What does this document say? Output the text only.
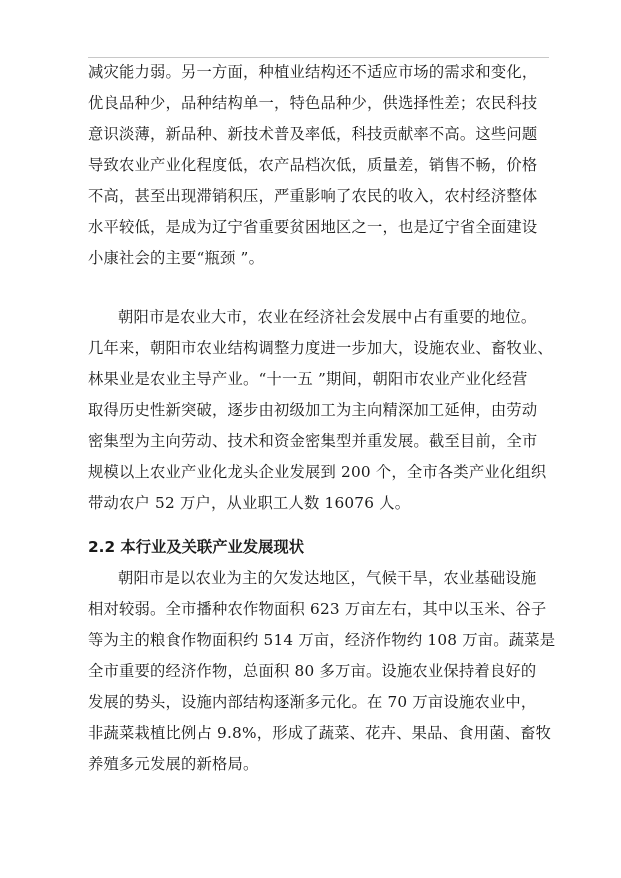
减灾能力弱。另一方面，种植业结构还不适应市场的需求和变化，
优良品种少，品种结构单一，特色品种少，供选择性差；农民科技
意识淡薄，新品种、新技术普及率低，科技贡献率不高。这些问题
导致农业产业化程度低，农产品档次低，质量差，销售不畅，价格
不高，甚至出现滞销积压，严重影响了农民的收入，农村经济整体
水平较低，是成为辽宁省重要贫困地区之一，也是辽宁省全面建设
小康社会的主要“瓶颈 ”。
朝阳市是农业大市，农业在经济社会发展中占有重要的地位。
几年来，朝阳市农业结构调整力度进一步加大，设施农业、畜牧业、
林果业是农业主导产业。“十一五 ”期间，朝阳市农业产业化经营
取得历史性新突破，逐步由初级加工为主向精深加工延伸，由劳动
密集型为主向劳动、技术和资金密集型并重发展。截至目前，全市
规模以上农业产业化龙头企业发展到 200 个，全市各类产业化组织
带动农户 52 万户，从业职工人数 16076 人。
2.2 本行业及关联产业发展现状
朝阳市是以农业为主的欠发达地区，气候干旱，农业基础设施
相对较弱。全市播种农作物面积 623 万亩左右，其中以玉米、谷子
等为主的粮食作物面积约 514 万亩，经济作物约 108 万亩。蔬菜是
全市重要的经济作物，总面积 80 多万亩。设施农业保持着良好的
发展的势头，设施内部结构逐渐多元化。在 70 万亩设施农业中，
非蔬菜栽植比例占 9.8%，形成了蔬菜、花卉、果品、食用菌、畜牧
养殖多元发展的新格局。
